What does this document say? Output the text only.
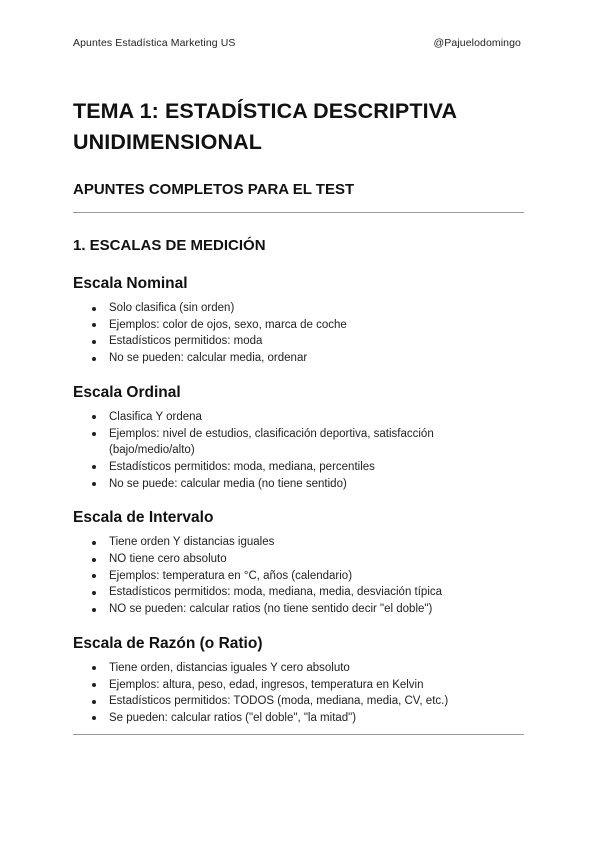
Apuntes Estadística Marketing US	@Pajuelodomingo
TEMA 1: ESTADÍSTICA DESCRIPTIVA UNIDIMENSIONAL
APUNTES COMPLETOS PARA EL TEST
1. ESCALAS DE MEDICIÓN
Escala Nominal
Solo clasifica (sin orden)
Ejemplos: color de ojos, sexo, marca de coche
Estadísticos permitidos: moda
No se pueden: calcular media, ordenar
Escala Ordinal
Clasifica Y ordena
Ejemplos: nivel de estudios, clasificación deportiva, satisfacción (bajo/medio/alto)
Estadísticos permitidos: moda, mediana, percentiles
No se puede: calcular media (no tiene sentido)
Escala de Intervalo
Tiene orden Y distancias iguales
NO tiene cero absoluto
Ejemplos: temperatura en °C, años (calendario)
Estadísticos permitidos: moda, mediana, media, desviación típica
NO se pueden: calcular ratios (no tiene sentido decir "el doble")
Escala de Razón (o Ratio)
Tiene orden, distancias iguales Y cero absoluto
Ejemplos: altura, peso, edad, ingresos, temperatura en Kelvin
Estadísticos permitidos: TODOS (moda, mediana, media, CV, etc.)
Se pueden: calcular ratios ("el doble", "la mitad")
